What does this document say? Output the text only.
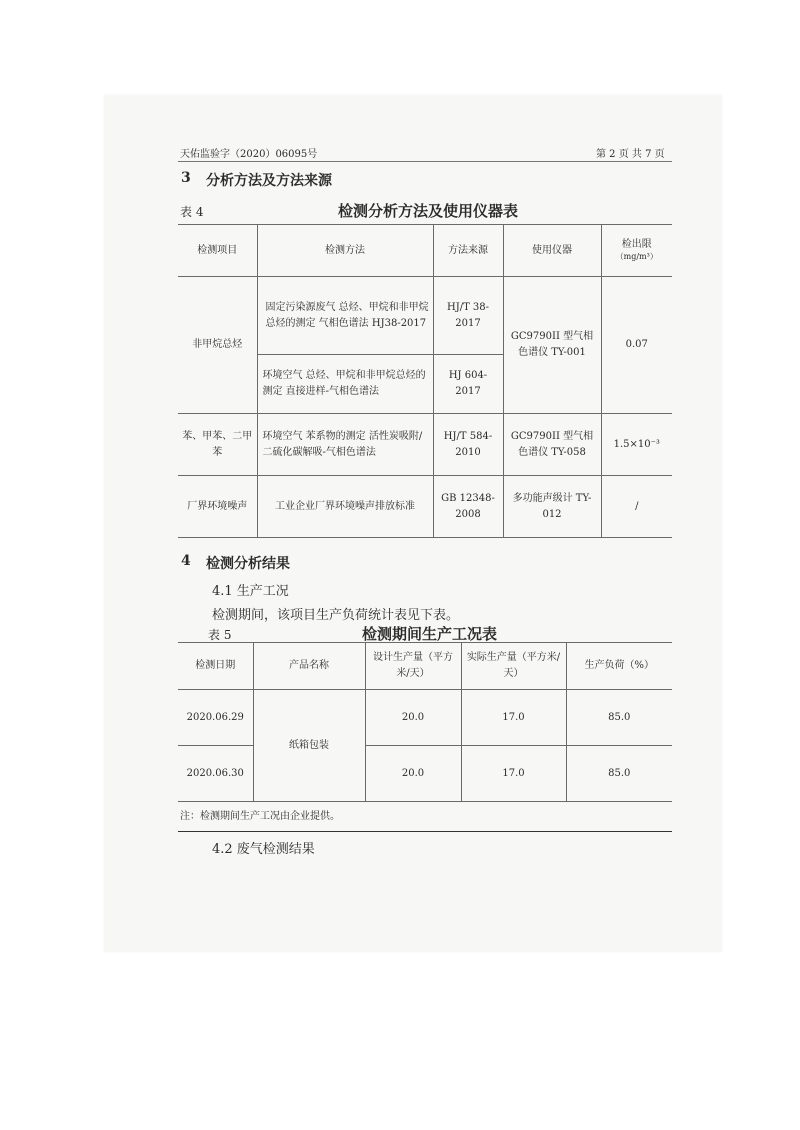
天佑监验字（2020）06095号	第 2 页 共 7 页
3 分析方法及方法来源
表 4	检测分析方法及使用仪器表
检测项目	检测方法	方法来源	使用仪器	检出限
（mg/m³）

非甲烷总烃	固定污染源废气 总烃、甲烷和非甲烷总烃的测定 气相色谱法 HJ38-2017	HJ/T 38-2017	GC9790II 型气相色谱仪 TY-001	0.07
	环境空气 总烃、甲烷和非甲烷总烃的测定 直接进样-气相色谱法	HJ 604-2017		
苯、甲苯、二甲苯	环境空气 苯系物的测定 活性炭吸附/二硫化碳解吸-气相色谱法	HJ/T 584-2010	GC9790II 型气相色谱仪 TY-058	1.5×10⁻³
厂界环境噪声	工业企业厂界环境噪声排放标准	GB 12348-2008	多功能声级计 TY-012	/
4 检测分析结果
4.1 生产工况
检测期间，该项目生产负荷统计表见下表。
表 5	检测期间生产工况表
检测日期	产品名称	设计生产量（平方米/天）	实际生产量（平方米/天）	生产负荷（%）
2020.06.29	纸箱包装	20.0	17.0	85.0
2020.06.30		20.0	17.0	85.0
注：检测期间生产工况由企业提供。				
4.2 废气检测结果
